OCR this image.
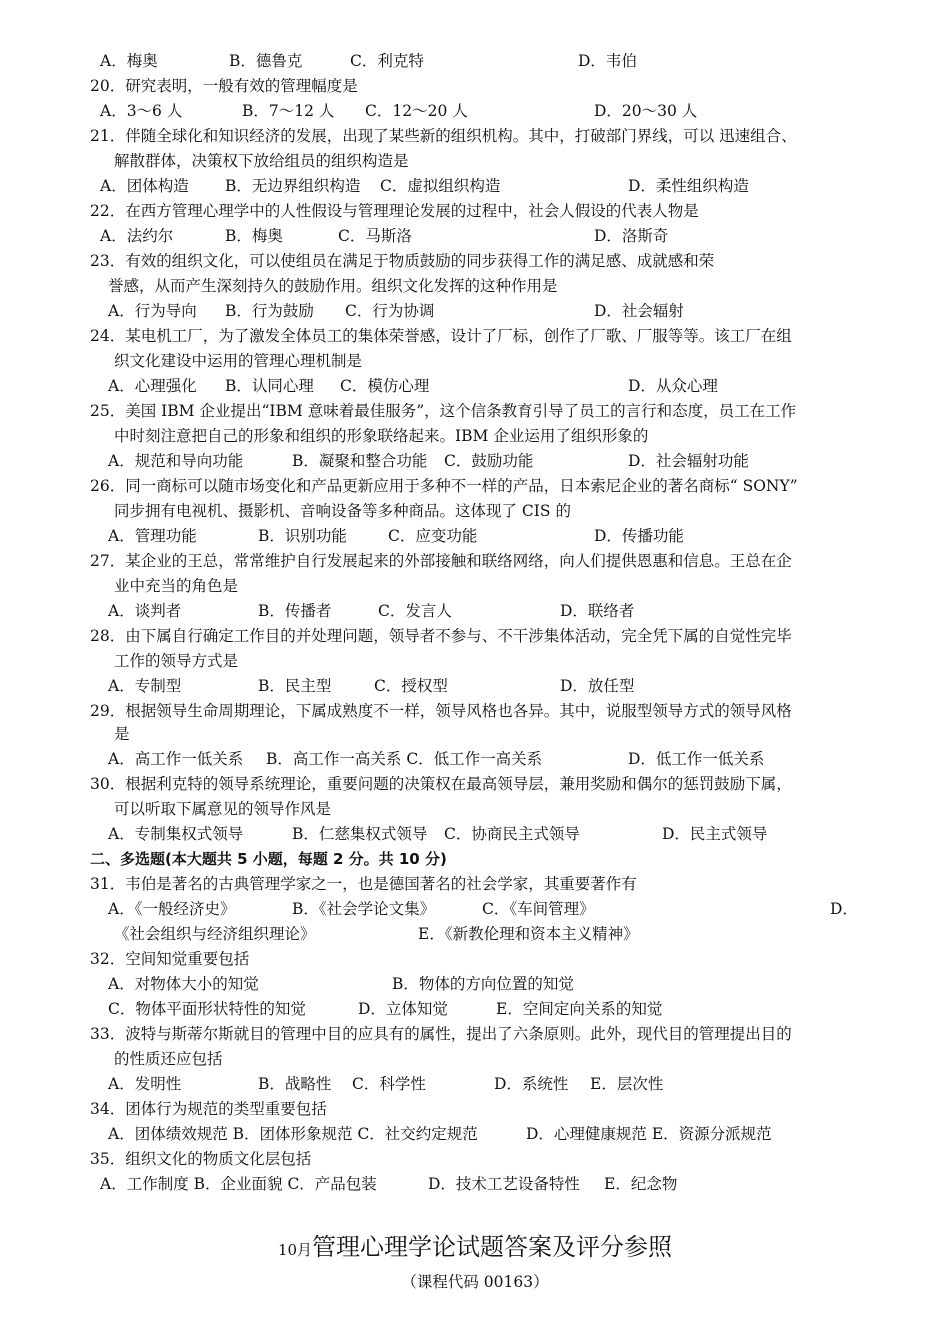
A．梅奥	B．德鲁克	C．利克特	D．韦伯
20．研究表明，一般有效的管理幅度是
A．3～6 人	B．7～12 人 C．12～20 人	D．20～30 人
21．伴随全球化和知识经济的发展，出现了某些新的组织机构。其中，打破部门界线，可以 迅速组合、
解散群体，决策权下放给组员的组织构造是
A．团体构造 B．无边界组织构造 C．虚拟组织构造	D．柔性组织构造
22．在西方管理心理学中的人性假设与管理理论发展的过程中，社会人假设的代表人物是
A．法约尔	B．梅奥	C．马斯洛	D．洛斯奇
23．有效的组织文化，可以使组员在满足于物质鼓励的同步获得工作的满足感、成就感和荣
誉感，从而产生深刻持久的鼓励作用。组织文化发挥的这种作用是
A．行为导向 B．行为鼓励 C．行为协调	D．社会辐射
24．某电机工厂，为了激发全体员工的集体荣誉感，设计了厂标，创作了厂歌、厂服等等。该工厂在组
织文化建设中运用的管理心理机制是
A．心理强化 B．认同心理 C．模仿心理	D．从众心理
25．美国 IBM 企业提出“IBM 意味着最佳服务”，这个信条教育引导了员工的言行和态度，员工在工作
中时刻注意把自己的形象和组织的形象联络起来。IBM 企业运用了组织形象的
A．规范和导向功能	B．凝聚和整合功能 C．鼓励功能	D．社会辐射功能
26．同一商标可以随市场变化和产品更新应用于多种不一样的产品，日本索尼企业的著名商标“ SONY”
同步拥有电视机、摄影机、音响设备等多种商品。这体现了 CIS 的
A．管理功能	B．识别功能	C．应变功能	D．传播功能
27．某企业的王总，常常维护自行发展起来的外部接触和联络网络，向人们提供恩惠和信息。王总在企
业中充当的角色是
A．谈判者	B．传播者	C．发言人	D．联络者
28．由下属自行确定工作目的并处理问题，领导者不参与、不干涉集体活动，完全凭下属的自觉性完毕
工作的领导方式是
A．专制型	B．民主型	C．授权型	D．放任型
29．根据领导生命周期理论，下属成熟度不一样，领导风格也各异。其中，说服型领导方式的领导风格
是
A．高工作一低关系 B．高工作一高关系 C．低工作一高关系	D．低工作一低关系
30．根据利克特的领导系统理论，重要问题的决策权在最高领导层，兼用奖励和偶尔的惩罚鼓励下属，
可以听取下属意见的领导作风是
A．专制集权式领导	B．仁慈集权式领导 C．协商民主式领导	D．民主式领导
二、多选题(本大题共 5 小题，每题 2 分。共 10 分)
31．韦伯是著名的古典管理学家之一，也是德国著名的社会学家，其重要著作有
A．《一般经济史》	B．《社会学论文集》	C．《车间管理》	D．
《社会组织与经济组织理论》	E．《新教伦理和资本主义精神》
32．空间知觉重要包括
A．对物体大小的知觉	B．物体的方向位置的知觉
C．物体平面形状特性的知觉	D．立体知觉	E．空间定向关系的知觉
33．波特与斯蒂尔斯就目的管理中目的应具有的属性，提出了六条原则。此外，现代目的管理提出目的
的性质还应包括
A．发明性	B．战略性 C．科学性	D．系统性 E．层次性
34．团体行为规范的类型重要包括
A．团体绩效规范 B．团体形象规范 C．社交约定规范	D．心理健康规范 E．资源分派规范
35．组织文化的物质文化层包括
A．工作制度 B．企业面貌 C．产品包装	D．技术工艺设备特性 E．纪念物
10月管理心理学论试题答案及评分参照
（课程代码 00163）
